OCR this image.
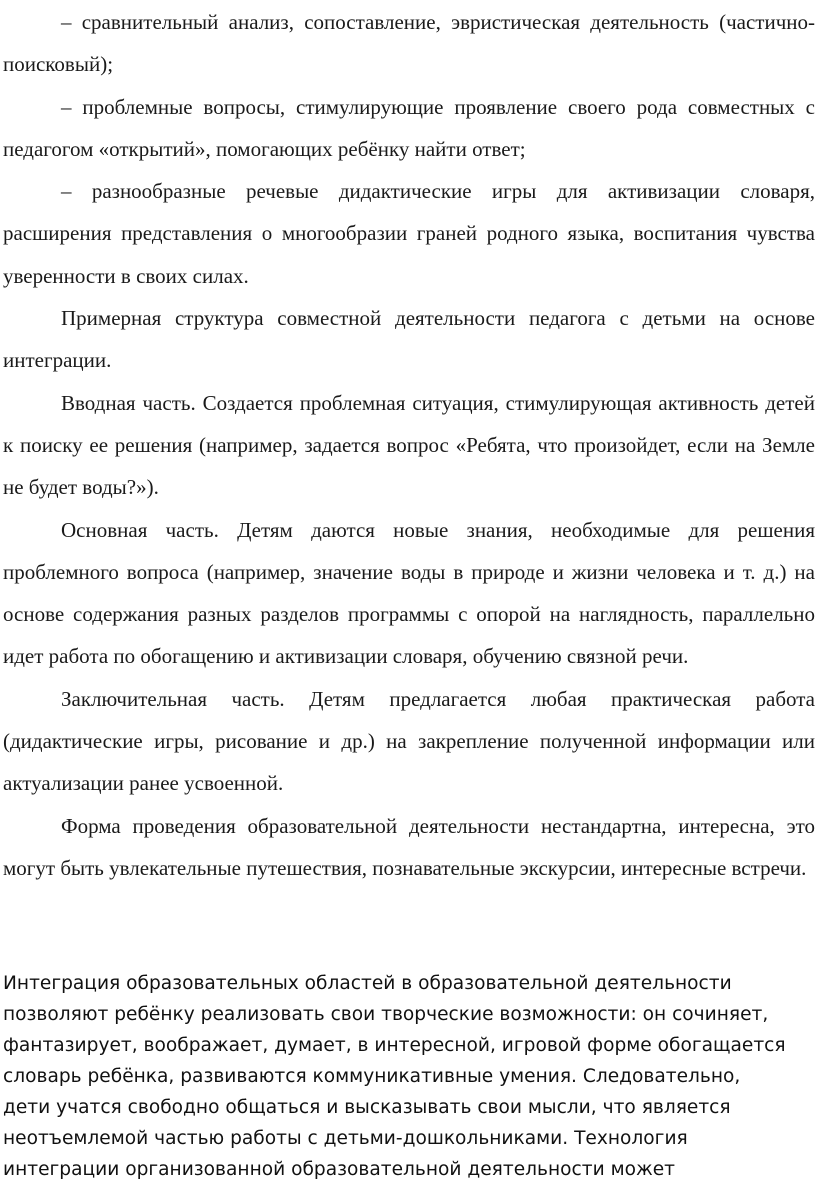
– сравнительный анализ, сопоставление, эвристическая деятельность (частично-поисковый);

– проблемные вопросы, стимулирующие проявление своего рода совместных с педагогом «открытий», помогающих ребёнку найти ответ;

– разнообразные речевые дидактические игры для активизации словаря, расширения представления о многообразии граней родного языка, воспитания чувства уверенности в своих силах.

Примерная структура совместной деятельности педагога с детьми на основе интеграции.

Вводная часть. Создается проблемная ситуация, стимулирующая активность детей к поиску ее решения (например, задается вопрос «Ребята, что произойдет, если на Земле не будет воды?»).

Основная часть. Детям даются новые знания, необходимые для решения проблемного вопроса (например, значение воды в природе и жизни человека и т. д.) на основе содержания разных разделов программы с опорой на наглядность, параллельно идет работа по обогащению и активизации словаря, обучению связной речи.

Заключительная часть. Детям предлагается любая практическая работа (дидактические игры, рисование и др.) на закрепление полученной информации или актуализации ранее усвоенной.

Форма проведения образовательной деятельности нестандартна, интересна, это могут быть увлекательные путешествия, познавательные экскурсии, интересные встречи.

Интеграция образовательных областей в образовательной деятельности

позволяют ребёнку реализовать свои творческие возможности: он сочиняет,

фантазирует, воображает, думает, в интересной, игровой форме обогащается

словарь ребёнка, развиваются коммуникативные умения. Следовательно,

дети учатся свободно общаться и высказывать свои мысли, что является

неотъемлемой частью работы с детьми-дошкольниками. Технология

интеграции организованной образовательной деятельности может
